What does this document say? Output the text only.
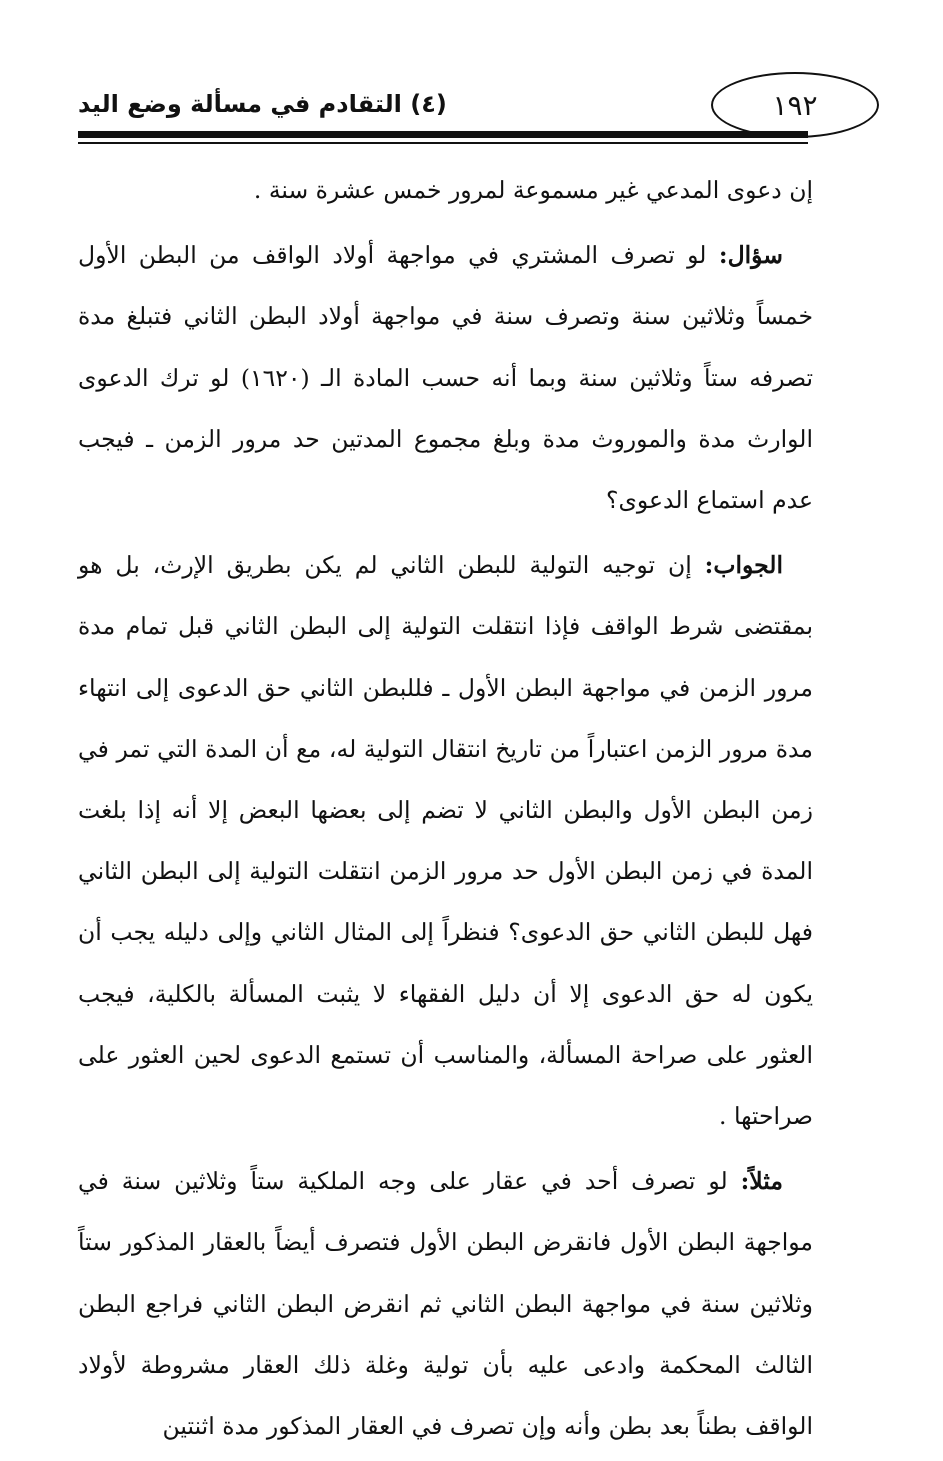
(٤) التقادم في مسألة وضع اليد	١٩٢

إن دعوى المدعي غير مسموعة لمرور خمس عشرة سنة .

سؤال: لو تصرف المشتري في مواجهة أولاد الواقف من البطن الأول خمساً وثلاثين سنة وتصرف سنة في مواجهة أولاد البطن الثاني فتبلغ مدة تصرفه ستاً وثلاثين سنة وبما أنه حسب المادة الـ (١٦٢٠) لو ترك الدعوى الوارث مدة والموروث مدة وبلغ مجموع المدتين حد مرور الزمن ـ فيجب عدم استماع الدعوى؟

الجواب: إن توجيه التولية للبطن الثاني لم يكن بطريق الإرث، بل هو بمقتضى شرط الواقف فإذا انتقلت التولية إلى البطن الثاني قبل تمام مدة مرور الزمن في مواجهة البطن الأول ـ فللبطن الثاني حق الدعوى إلى انتهاء مدة مرور الزمن اعتباراً من تاريخ انتقال التولية له، مع أن المدة التي تمر في زمن البطن الأول والبطن الثاني لا تضم إلى بعضها البعض إلا أنه إذا بلغت المدة في زمن البطن الأول حد مرور الزمن انتقلت التولية إلى البطن الثاني فهل للبطن الثاني حق الدعوى؟ فنظراً إلى المثال الثاني وإلى دليله يجب أن يكون له حق الدعوى إلا أن دليل الفقهاء لا يثبت المسألة بالكلية، فيجب العثور على صراحة المسألة، والمناسب أن تستمع الدعوى لحين العثور على صراحتها .

مثلاً: لو تصرف أحد في عقار على وجه الملكية ستاً وثلاثين سنة في مواجهة البطن الأول فانقرض البطن الأول فتصرف أيضاً بالعقار المذكور ستاً وثلاثين سنة في مواجهة البطن الثاني ثم انقرض البطن الثاني فراجع البطن الثالث المحكمة وادعى عليه بأن تولية وغلة ذلك العقار مشروطة لأولاد الواقف بطناً بعد بطن وأنه وإن تصرف في العقار المذكور مدة اثنتين
